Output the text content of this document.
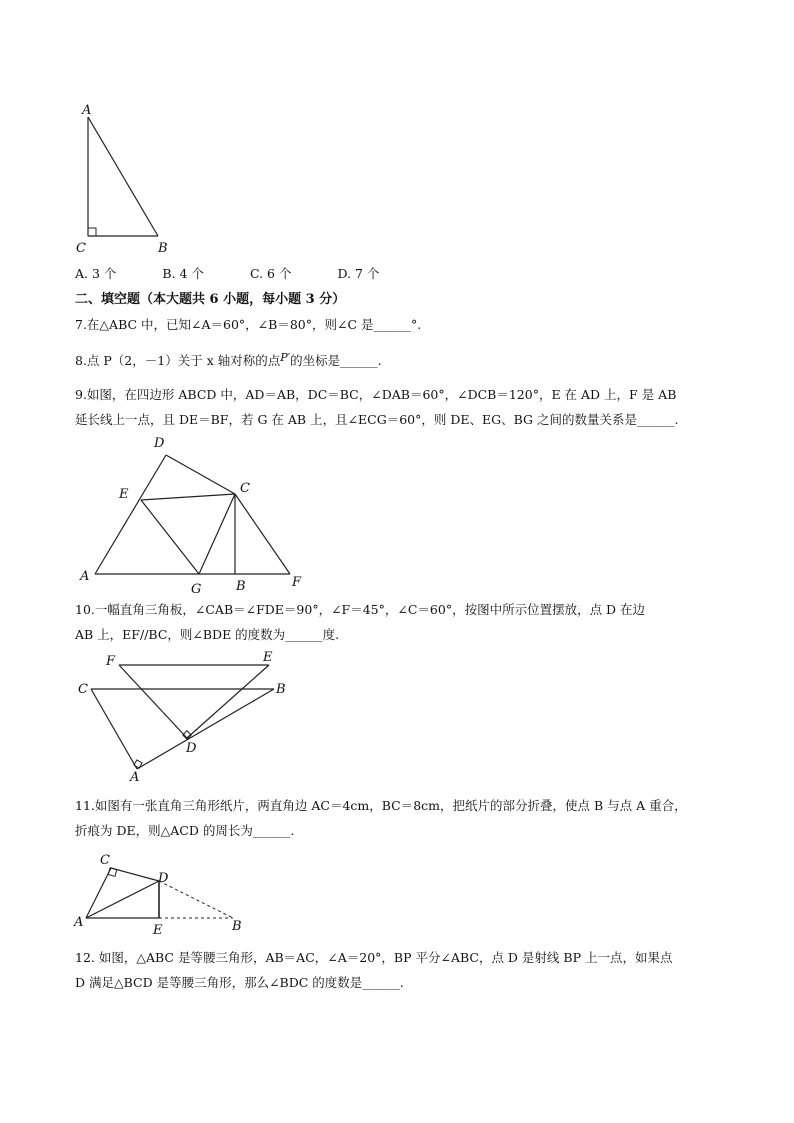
A
C	B
A. 3 个	B. 4 个	C. 6 个	D. 7 个
二、填空题（本大题共 6 小题，每小题 3 分）
7.在△ABC 中，已知∠A＝60°，∠B＝80°，则∠C 是______°.
8.点 P（2，－1）关于 x 轴对称的点P′的坐标是______.
9.如图，在四边形 ABCD 中，AD＝AB，DC＝BC，∠DAB＝60°，∠DCB＝120°，E 在 AD 上，F 是 AB
延长线上一点，且 DE＝BF，若 G 在 AB 上，且∠ECG＝60°，则 DE、EG、BG 之间的数量关系是______.
D
E	C
A
G	B	F
10.一幅直角三角板，∠CAB＝∠FDE＝90°，∠F＝45°，∠C＝60°，按图中所示位置摆放，点 D 在边
AB 上，EF//BC，则∠BDE 的度数为______度.
F	E
C	B
D
A
11.如图有一张直角三角形纸片，两直角边 AC＝4cm，BC＝8cm，把纸片的部分折叠，使点 B 与点 A 重合，
折痕为 DE，则△ACD 的周长为______.
C
D
A
E	B
12. 如图，△ABC 是等腰三角形，AB＝AC，∠A＝20°，BP 平分∠ABC，点 D 是射线 BP 上一点，如果点
D 满足△BCD 是等腰三角形，那么∠BDC 的度数是______.
